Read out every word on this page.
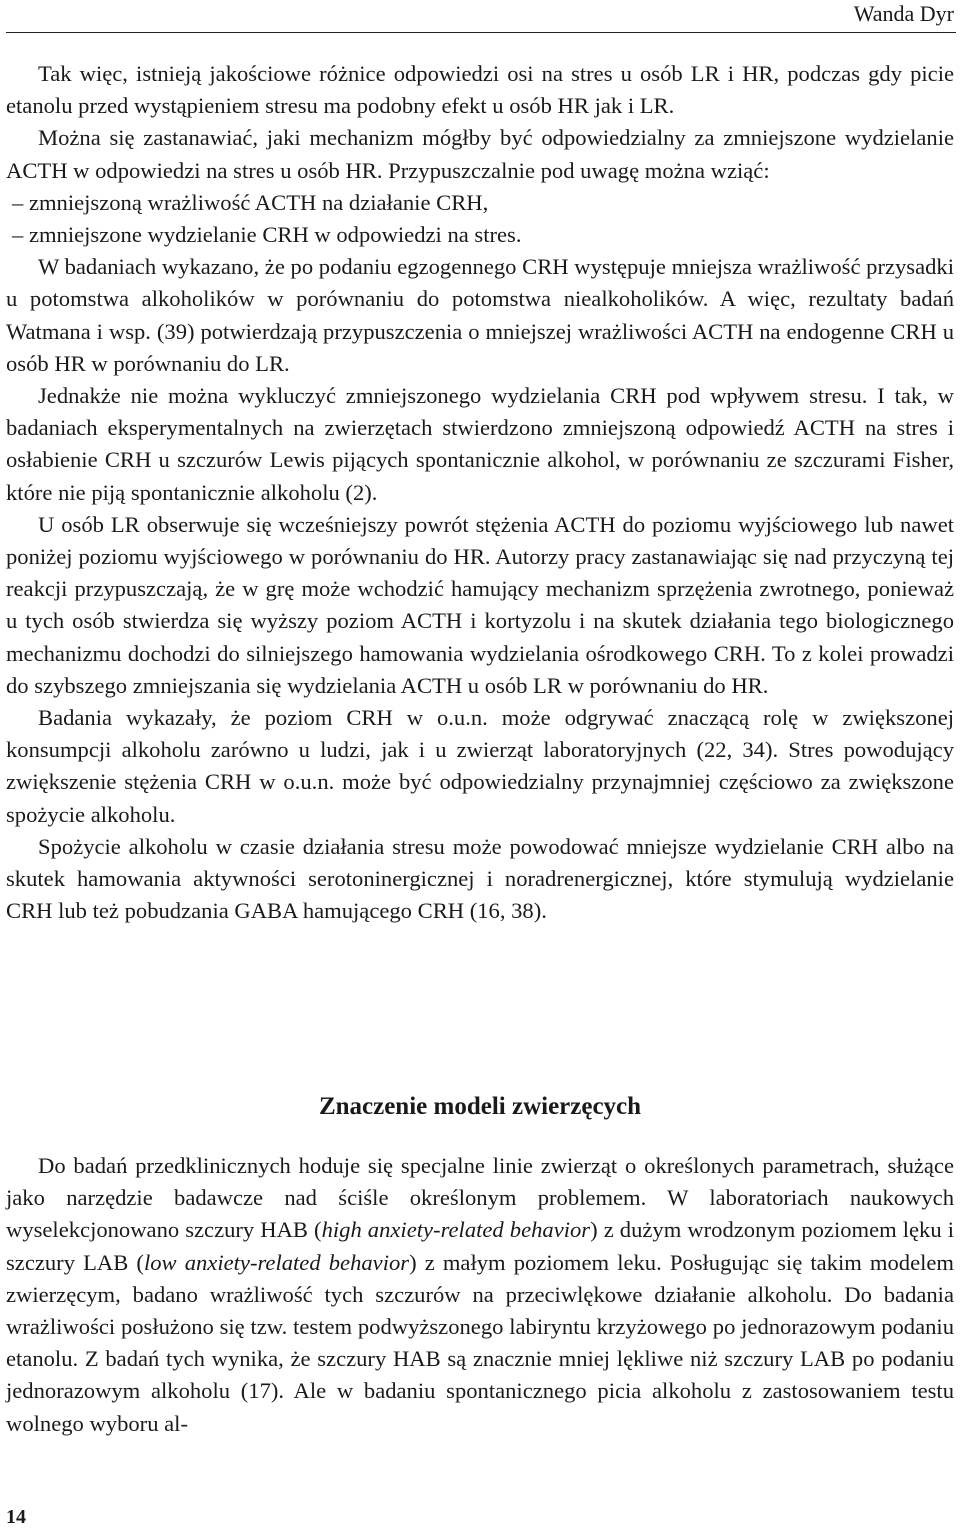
Wanda Dyr

Tak więc, istnieją jakościowe różnice odpowiedzi osi na stres u osób LR i HR, podczas gdy picie etanolu przed wystąpieniem stresu ma podobny efekt u osób HR jak i LR.

Można się zastanawiać, jaki mechanizm mógłby być odpowiedzialny za zmniejszone wydzielanie ACTH w odpowiedzi na stres u osób HR. Przypuszczalnie pod uwagę można wziąć:

– zmniejszoną wrażliwość ACTH na działanie CRH,

– zmniejszone wydzielanie CRH w odpowiedzi na stres.

W badaniach wykazano, że po podaniu egzogennego CRH występuje mniejsza wrażliwość przysadki u potomstwa alkoholików w porównaniu do potomstwa niealkoholików. A więc, rezultaty badań Watmana i wsp. (39) potwierdzają przypuszczenia o mniejszej wrażliwości ACTH na endogenne CRH u osób HR w porównaniu do LR.

Jednakże nie można wykluczyć zmniejszonego wydzielania CRH pod wpływem stresu. I tak, w badaniach eksperymentalnych na zwierzętach stwierdzono zmniejszoną odpowiedź ACTH na stres i osłabienie CRH u szczurów Lewis pijących spontanicznie alkohol, w porównaniu ze szczurami Fisher, które nie piją spontanicznie alkoholu (2).

U osób LR obserwuje się wcześniejszy powrót stężenia ACTH do poziomu wyjściowego lub nawet poniżej poziomu wyjściowego w porównaniu do HR. Autorzy pracy zastanawiając się nad przyczyną tej reakcji przypuszczają, że w grę może wchodzić hamujący mechanizm sprzężenia zwrotnego, ponieważ u tych osób stwierdza się wyższy poziom ACTH i kortyzolu i na skutek działania tego biologicznego mechanizmu dochodzi do silniejszego hamowania wydzielania ośrodkowego CRH. To z kolei prowadzi do szybszego zmniejszania się wydzielania ACTH u osób LR w porównaniu do HR.

Badania wykazały, że poziom CRH w o.u.n. może odgrywać znaczącą rolę w zwiększonej konsumpcji alkoholu zarówno u ludzi, jak i u zwierząt laboratoryjnych (22, 34). Stres powodujący zwiększenie stężenia CRH w o.u.n. może być odpowiedzialny przynajmniej częściowo za zwiększone spożycie alkoholu.

Spożycie alkoholu w czasie działania stresu może powodować mniejsze wydzielanie CRH albo na skutek hamowania aktywności serotoninergicznej i noradrenergicznej, które stymulują wydzielanie CRH lub też pobudzania GABA hamującego CRH (16, 38).

Znaczenie modeli zwierzęcych

Do badań przedklinicznych hoduje się specjalne linie zwierząt o określonych parametrach, służące jako narzędzie badawcze nad ściśle określonym problemem. W laboratoriach naukowych wyselekcjonowano szczury HAB (high anxiety-related behavior) z dużym wrodzonym poziomem lęku i szczury LAB (low anxiety-related behavior) z małym poziomem leku. Posługując się takim modelem zwierzęcym, badano wrażliwość tych szczurów na przeciwlękowe działanie alkoholu. Do badania wrażliwości posłużono się tzw. testem podwyższonego labiryntu krzyżowego po jednorazowym podaniu etanolu. Z badań tych wynika, że szczury HAB są znacznie mniej lękliwe niż szczury LAB po podaniu jednorazowym alkoholu (17). Ale w badaniu spontanicznego picia alkoholu z zastosowaniem testu wolnego wyboru al-

14
